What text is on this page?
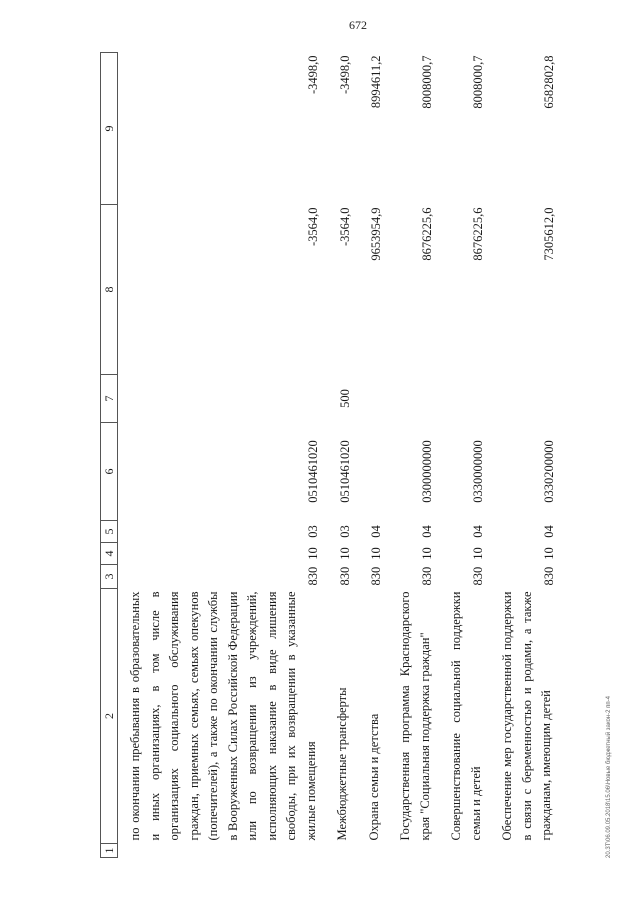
672
20.3T\06.09.05.2018\15.06\Новые бюджетный закон-2 пп-4
1	2	3	4	5	6	7	8	9
	по окончании пребывания в образовательных и иных организациях, в том числе в организациях социального обслуживания граждан, приемных семьях, семьях опекунов (попечителей), а также по окончании службы в Вооруженных Силах Российской Федерации или по возвращении из учреждений, исполняющих наказание в виде лишения свободы, при их возвращении в указанные жилые помещения	830	10	03	0510461020		-3564,0	-3498,0
	Межбюджетные трансферты	830	10	03	0510461020	500	-3564,0	-3498,0
	Охрана семьи и детства	830	10	04			9653954,9	8994611,2
	Государственная программа Краснодарского края "Социальная поддержка граждан"	830	10	04	0300000000		8676225,6	8008000,7
	Совершенствование социальной поддержки семьи и детей	830	10	04	0330000000		8676225,6	8008000,7
	Обеспечение мер государственной поддержки в связи с беременностью и родами, а также гражданам, имеющим детей	830	10	04	0330200000		7305612,0	6582802,8
